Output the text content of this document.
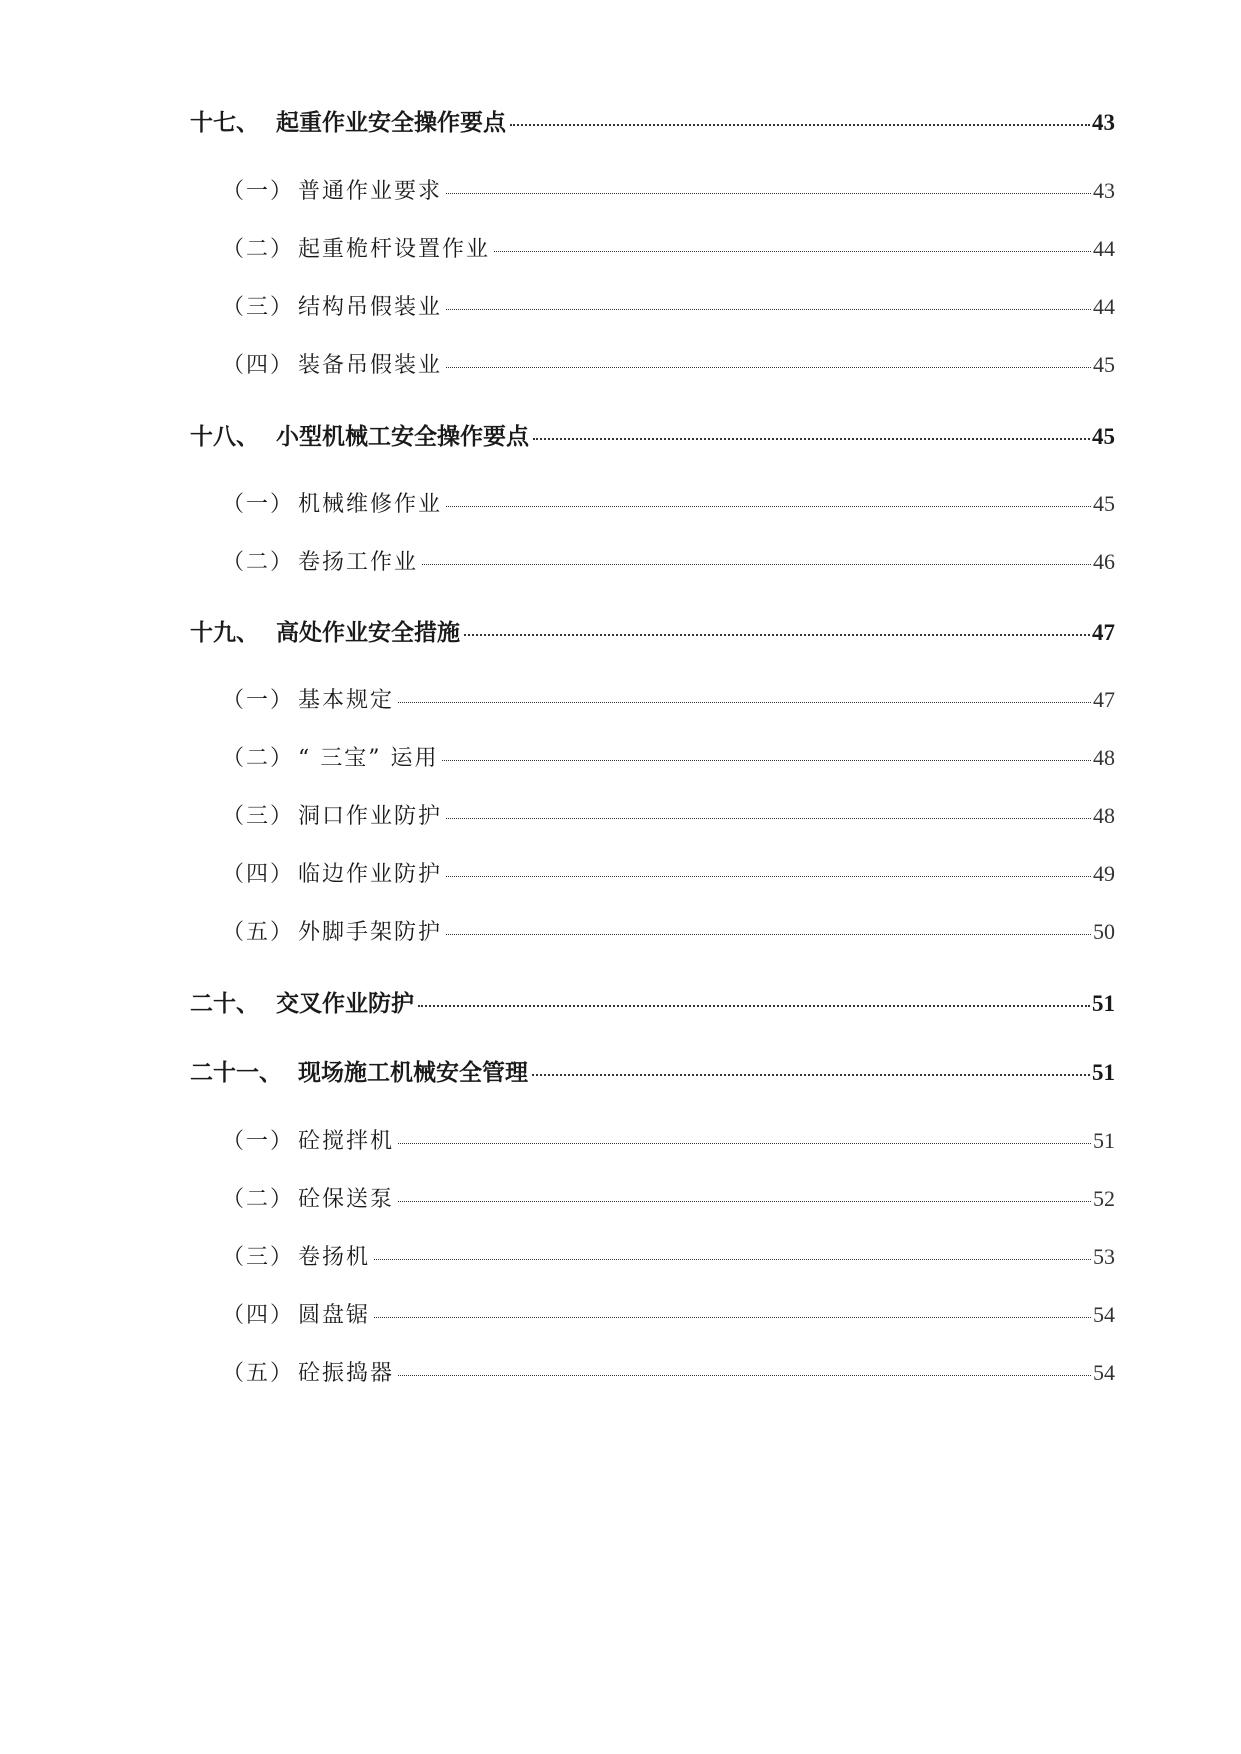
十七、 起重作业安全操作要点	43
（一） 普通作业要求	43
（二） 起重桅杆设置作业	44
（三） 结构吊假装业	44
（四） 装备吊假装业	45
十八、 小型机械工安全操作要点	45
（一） 机械维修作业	45
（二） 卷扬工作业	46
十九、 高处作业安全措施	47
（一） 基本规定	47
（二） “ 三宝” 运用	48
（三） 洞口作业防护	48
（四） 临边作业防护	49
（五） 外脚手架防护	50
二十、 交叉作业防护	51
二十一、 现场施工机械安全管理	51
（一） 砼搅拌机	51
（二） 砼保送泵	52
（三） 卷扬机	53
（四） 圆盘锯	54
（五） 砼振捣器	54
